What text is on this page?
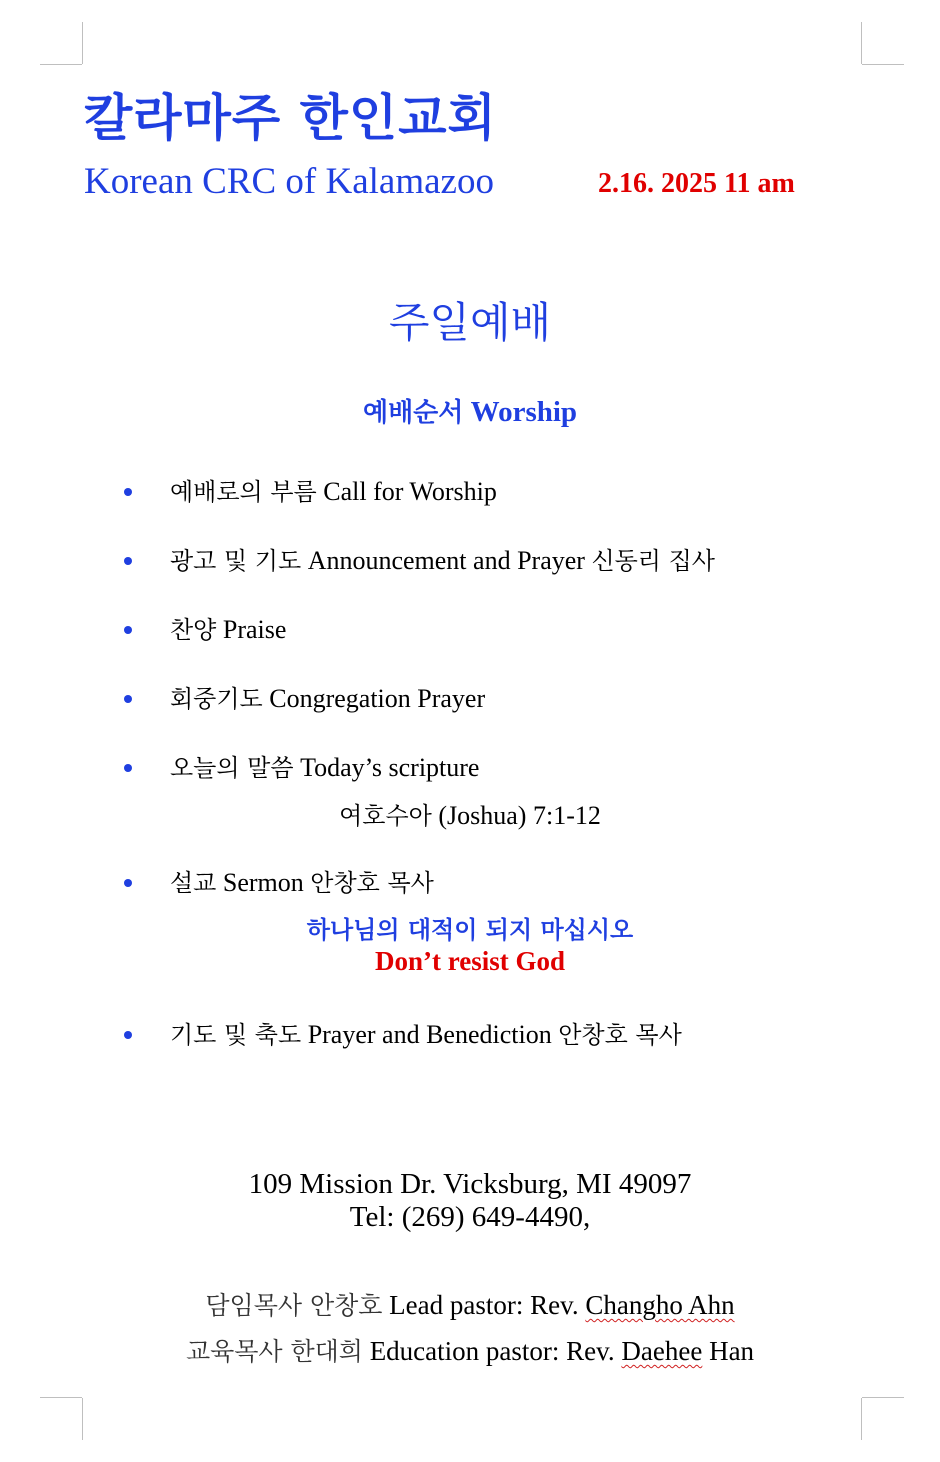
칼라마주 한인교회
Korean CRC of Kalamazoo	2.16. 2025 11 am
주일예배
예배순서 Worship
예배로의 부름 Call for Worship
광고 및 기도 Announcement and Prayer 신동리 집사
찬양 Praise
회중기도 Congregation Prayer
오늘의 말씀 Today’s scripture
여호수아 (Joshua) 7:1-12
설교 Sermon 안창호 목사
하나님의 대적이 되지 마십시오
Don’t resist God
기도 및 축도 Prayer and Benediction 안창호 목사
109 Mission Dr. Vicksburg, MI 49097
Tel: (269) 649-4490,
담임목사 안창호 Lead pastor: Rev. Changho Ahn
교육목사 한대희 Education pastor: Rev. Daehee Han
